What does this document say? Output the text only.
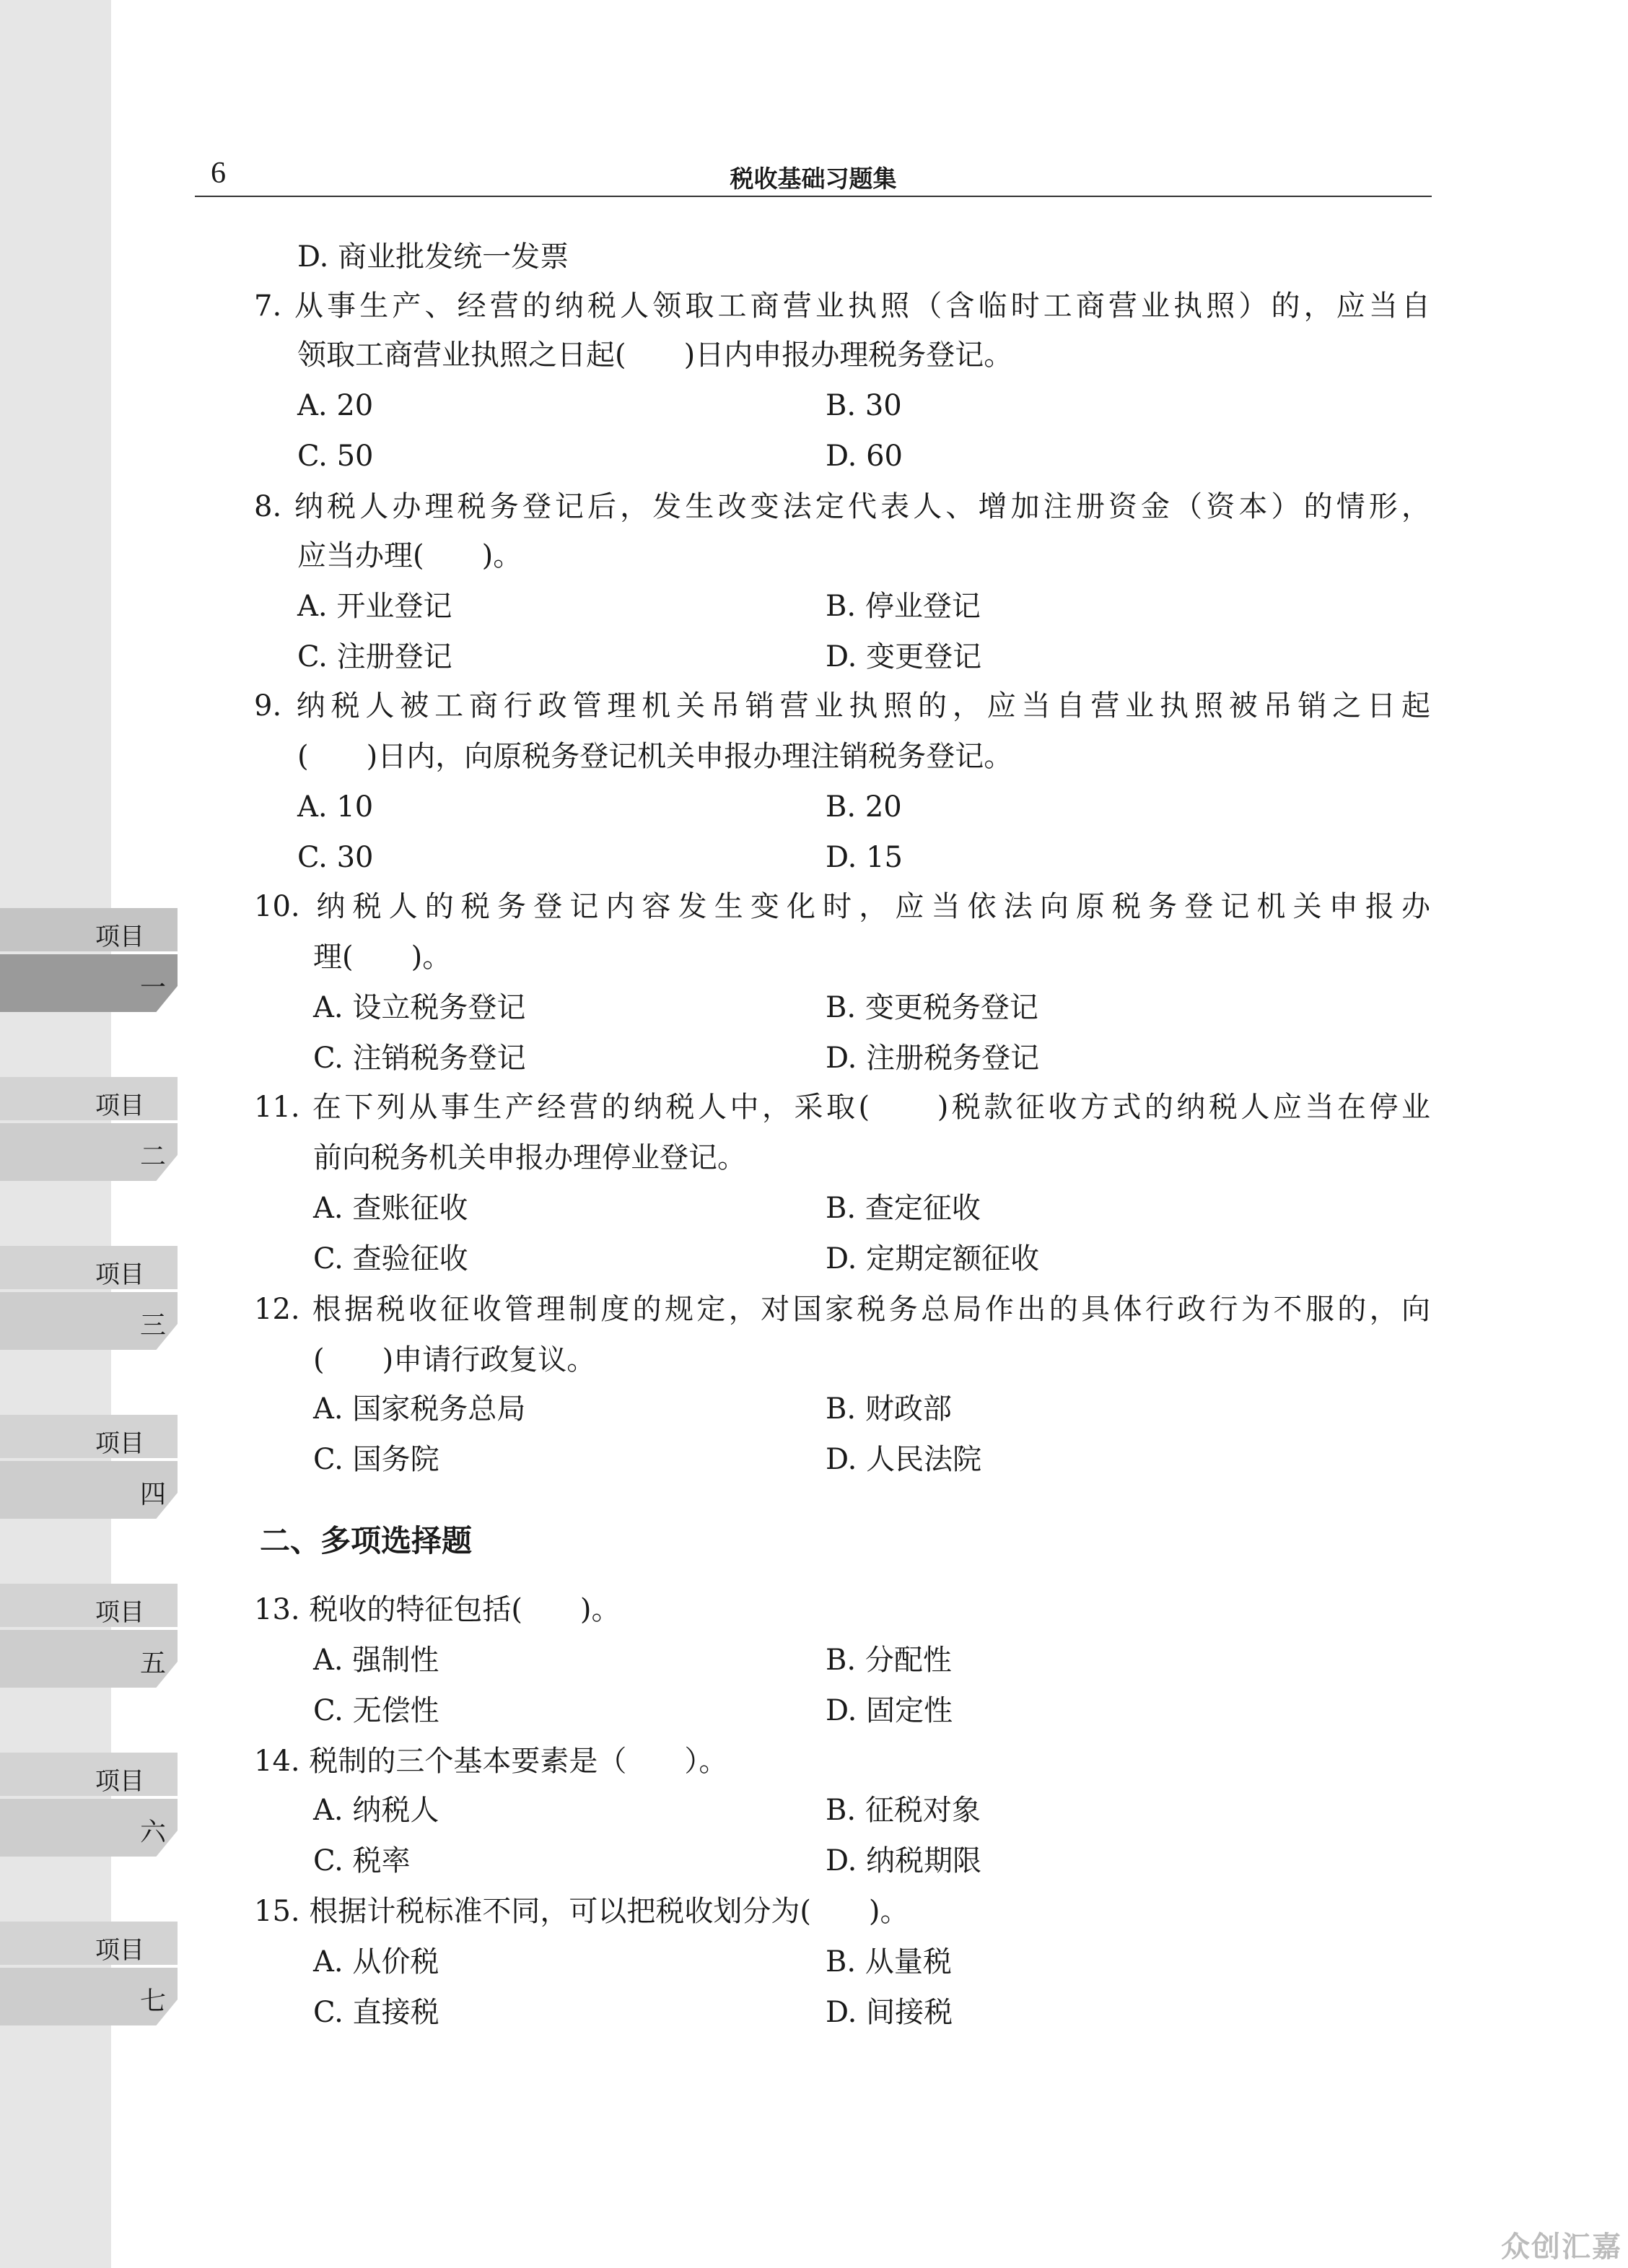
项目
一
项目
二
项目
三
项目
四
项目
五
项目
六
项目
七
6	税收基础习题集
D. 商业批发统一发票
7. 从事生产、经营的纳税人领取工商营业执照（含临时工商营业执照）的，应当自
领取工商营业执照之日起(　　)日内申报办理税务登记。
A. 20	B. 30
C. 50	D. 60
8. 纳税人办理税务登记后，发生改变法定代表人、增加注册资金（资本）的情形，
应当办理(　　)。
A. 开业登记	B. 停业登记
C. 注册登记	D. 变更登记
9. 纳税人被工商行政管理机关吊销营业执照的，应当自营业执照被吊销之日起
(　　)日内，向原税务登记机关申报办理注销税务登记。
A. 10	B. 20
C. 30	D. 15
10. 纳税人的税务登记内容发生变化时，应当依法向原税务登记机关申报办
理(　　)。
A. 设立税务登记	B. 变更税务登记
C. 注销税务登记	D. 注册税务登记
11. 在下列从事生产经营的纳税人中，采取(　　)税款征收方式的纳税人应当在停业
前向税务机关申报办理停业登记。
A. 查账征收	B. 查定征收
C. 查验征收	D. 定期定额征收
12. 根据税收征收管理制度的规定，对国家税务总局作出的具体行政行为不服的，向
(　　)申请行政复议。
A. 国家税务总局	B. 财政部
C. 国务院	D. 人民法院
二、多项选择题
13. 税收的特征包括(　　)。
A. 强制性	B. 分配性
C. 无偿性	D. 固定性
14. 税制的三个基本要素是（　　）。
A. 纳税人	B. 征税对象
C. 税率	D. 纳税期限
15. 根据计税标准不同，可以把税收划分为(　　)。
A. 从价税	B. 从量税
C. 直接税	D. 间接税
众创汇嘉
